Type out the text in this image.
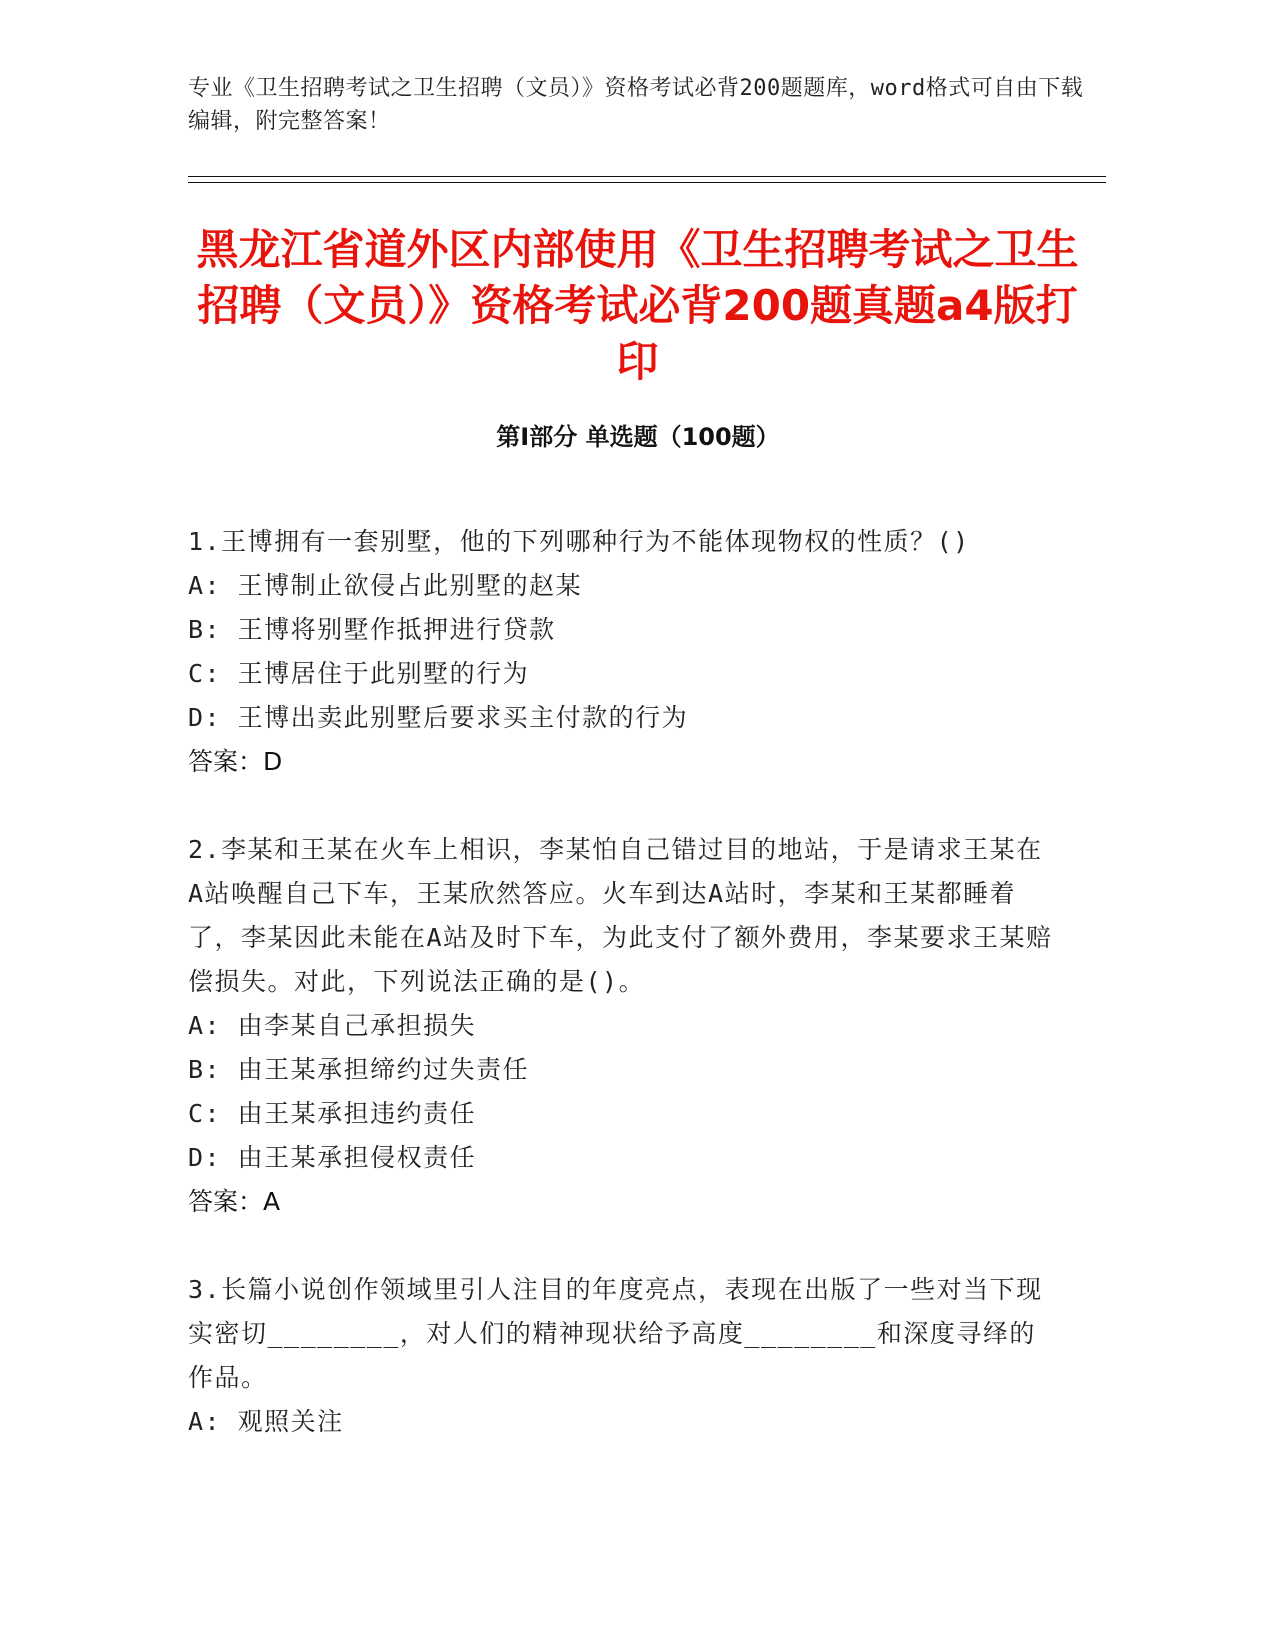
专业《卫生招聘考试之卫生招聘（文员）》资格考试必背200题题库，word格式可自由下载编辑，附完整答案！
黑龙江省道外区内部使用《卫生招聘考试之卫生招聘（文员）》资格考试必背200题真题a4版打印
第I部分 单选题（100题）

1.王博拥有一套别墅，他的下列哪种行为不能体现物权的性质？()

A: 王博制止欲侵占此别墅的赵某

B: 王博将别墅作抵押进行贷款

C: 王博居住于此别墅的行为

D: 王博出卖此别墅后要求买主付款的行为

答案：D

2.李某和王某在火车上相识，李某怕自己错过目的地站，于是请求王某在A站唤醒自己下车，王某欣然答应。火车到达A站时，李某和王某都睡着了，李某因此未能在A站及时下车，为此支付了额外费用，李某要求王某赔偿损失。对此，下列说法正确的是()。

A: 由李某自己承担损失

B: 由王某承担缔约过失责任

C: 由王某承担违约责任

D: 由王某承担侵权责任

答案：A

3.长篇小说创作领域里引人注目的年度亮点，表现在出版了一些对当下现实密切________，对人们的精神现状给予高度________和深度寻绎的作品。

A: 观照关注
